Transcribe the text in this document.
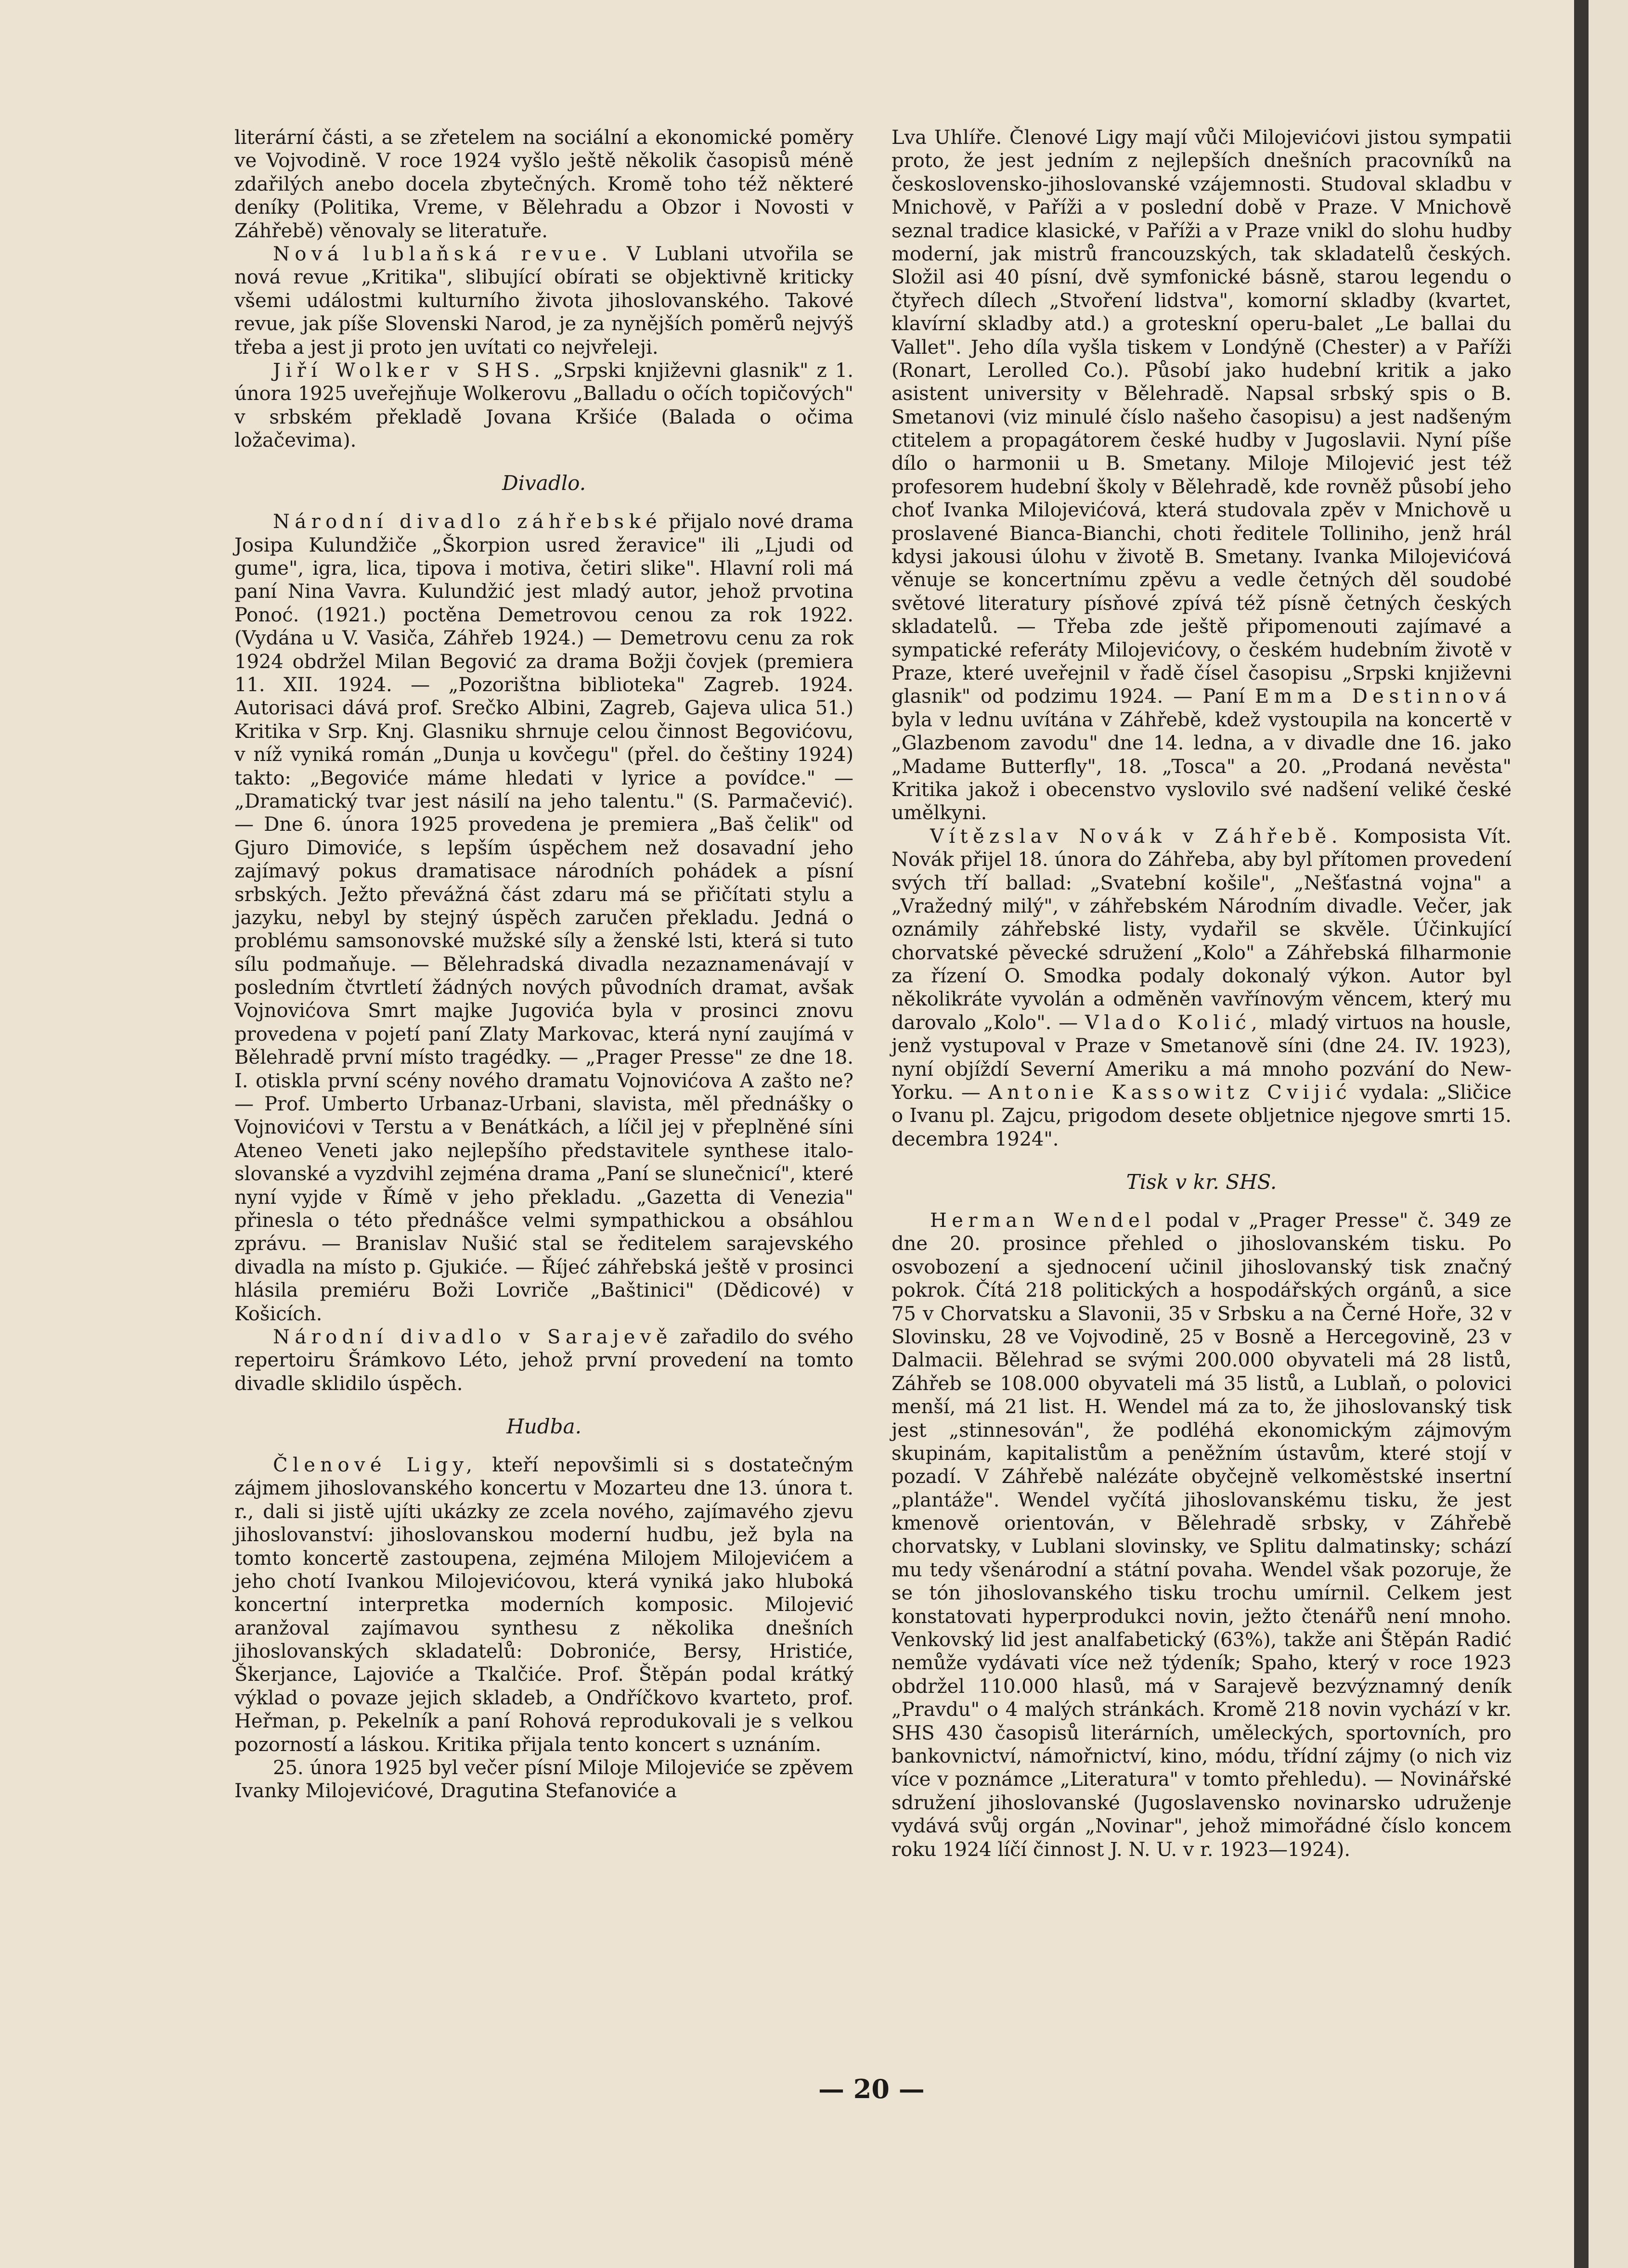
literární části, a se zřetelem na sociální a ekonomické poměry ve Vojvodině. V roce 1924 vyšlo ještě několik časopisů méně zdařilých anebo docela zbytečných. Kromě toho též některé deníky (Politika, Vreme, v Bělehradu a Obzor i Novosti v Záhřebě) věnovaly se literatuře.

Nová lublaňská revue. V Lublani utvořila se nová revue „Kritika", slibující obírati se objektivně kriticky všemi událostmi kulturního života jihoslovanského. Takové revue, jak píše Slovenski Narod, je za nynějších poměrů nejvýš třeba a jest ji proto jen uvítati co nejvřeleji.

Jiří Wolker v SHS. „Srpski književni glasnik" z 1. února 1925 uveřejňuje Wolkerovu „Balladu o očích topičových" v srbském překladě Jovana Kršiće (Balada o očima ložačevima).

Divadlo.

Národní divadlo záhřebské přijalo nové drama Josipa Kulundžiče „Škorpion usred žeravice" ili „Ljudi od gume", igra, lica, tipova i motiva, četiri slike". Hlavní roli má paní Nina Vavra. Kulundžić jest mladý autor, jehož prvotina Ponoć. (1921.) poctěna Demetrovou cenou za rok 1922. (Vydána u V. Vasiča, Záhřeb 1924.) — Demetrovu cenu za rok 1924 obdržel Milan Begović za drama Božji čovjek (premiera 11. XII. 1924. — „Pozorištna biblioteka" Zagreb. 1924. Autorisaci dává prof. Srečko Albini, Zagreb, Gajeva ulica 51.) Kritika v Srp. Knj. Glasniku shrnuje celou činnost Begovićovu, v níž vyniká román „Dunja u kovčegu" (přel. do češtiny 1924) takto: „Begoviće máme hledati v lyrice a povídce." — „Dramatický tvar jest násilí na jeho talentu." (S. Parmačević). — Dne 6. února 1925 provedena je premiera „Baš čelik" od Gjuro Dimoviće, s lepším úspěchem než dosavadní jeho zajímavý pokus dramatisace národních pohádek a písní srbských. Ježto převážná část zdaru má se přičítati stylu a jazyku, nebyl by stejný úspěch zaručen překladu. Jedná o problému samsonovské mužské síly a ženské lsti, která si tuto sílu podmaňuje. — Bělehradská divadla nezaznamenávají v posledním čtvrtletí žádných nových původních dramat, avšak Vojnovićova Smrt majke Jugovića byla v prosinci znovu provedena v pojetí paní Zlaty Markovac, která nyní zaujímá v Bělehradě první místo tragédky. — „Prager Presse" ze dne 18. I. otiskla první scény nového dramatu Vojnovićova A zašto ne? — Prof. Umberto Urbanaz-Urbani, slavista, měl přednášky o Vojnovićovi v Terstu a v Benátkách, a líčil jej v přeplněné síni Ateneo Veneti jako nejlepšího představitele synthese italo-slovanské a vyzdvihl zejména drama „Paní se slunečnicí", které nyní vyjde v Římě v jeho překladu. „Gazetta di Venezia" přinesla o této přednášce velmi sympathickou a obsáhlou zprávu. — Branislav Nušić stal se ředitelem sarajevského divadla na místo p. Gjukiće. — Říjeć záhřebská ještě v prosinci hlásila premiéru Boži Lovriče „Baštinici" (Dědicové) v Košicích.

Národní divadlo v Sarajevě zařadilo do svého repertoiru Šrámkovo Léto, jehož první provedení na tomto divadle sklidilo úspěch.

Hudba.

Členové Ligy, kteří nepovšimli si s dostatečným zájmem jihoslovanského koncertu v Mozarteu dne 13. února t. r., dali si jistě ujíti ukázky ze zcela nového, zajímavého zjevu jihoslovanství: jihoslovanskou moderní hudbu, jež byla na tomto koncertě zastoupena, zejména Milojem Milojevićem a jeho chotí Ivankou Milojevićovou, která vyniká jako hluboká koncertní interpretka moderních komposic. Milojević aranžoval zajímavou synthesu z několika dnešních jihoslovanských skladatelů: Dobroniće, Bersy, Hristiće, Škerjance, Lajoviće a Tkalčiće. Prof. Štěpán podal krátký výklad o povaze jejich skladeb, a Ondříčkovo kvarteto, prof. Heřman, p. Pekelník a paní Rohová reprodukovali je s velkou pozorností a láskou. Kritika přijala tento koncert s uznáním.

25. února 1925 byl večer písní Miloje Milojeviće se zpěvem Ivanky Milojevićové, Dragutina Stefanoviće a

Lva Uhlíře. Členové Ligy mají vůči Milojevićovi jistou sympatii proto, že jest jedním z nejlepších dnešních pracovníků na československo-jihoslovanské vzájemnosti. Studoval skladbu v Mnichově, v Paříži a v poslední době v Praze. V Mnichově seznal tradice klasické, v Paříži a v Praze vnikl do slohu hudby moderní, jak mistrů francouzských, tak skladatelů českých. Složil asi 40 písní, dvě symfonické básně, starou legendu o čtyřech dílech „Stvoření lidstva", komorní skladby (kvartet, klavírní skladby atd.) a groteskní operu-balet „Le ballai du Vallet". Jeho díla vyšla tiskem v Londýně (Chester) a v Paříži (Ronart, Lerolled Co.). Působí jako hudební kritik a jako asistent university v Bělehradě. Napsal srbský spis o B. Smetanovi (viz minulé číslo našeho časopisu) a jest nadšeným ctitelem a propagátorem české hudby v Jugoslavii. Nyní píše dílo o harmonii u B. Smetany. Miloje Milojević jest též profesorem hudební školy v Bělehradě, kde rovněž působí jeho choť Ivanka Milojevićová, která studovala zpěv v Mnichově u proslavené Bianca-Bianchi, choti ředitele Tolliniho, jenž hrál kdysi jakousi úlohu v životě B. Smetany. Ivanka Milojevićová věnuje se koncertnímu zpěvu a vedle četných děl soudobé světové literatury písňové zpívá též písně četných českých skladatelů. — Třeba zde ještě připomenouti zajímavé a sympatické referáty Milojevićovy, o českém hudebním životě v Praze, které uveřejnil v řadě čísel časopisu „Srpski književni glasnik" od podzimu 1924. — Paní Emma Destinnová byla v lednu uvítána v Záhřebě, kdež vystoupila na koncertě v „Glazbenom zavodu" dne 14. ledna, a v divadle dne 16. jako „Madame Butterfly", 18. „Tosca" a 20. „Prodaná nevěsta" Kritika jakož i obecenstvo vyslovilo své nadšení veliké české umělkyni.

Vítězslav Novák v Záhřebě. Komposista Vít. Novák přijel 18. února do Záhřeba, aby byl přítomen provedení svých tří ballad: „Svatební košile", „Nešťastná vojna" a „Vražedný milý", v záhřebském Národním divadle. Večer, jak oznámily záhřebské listy, vydařil se skvěle. Účinkující chorvatské pěvecké sdružení „Kolo" a Záhřebská filharmonie za řízení O. Smodka podaly dokonalý výkon. Autor byl několikráte vyvolán a odměněn vavřínovým věncem, který mu darovalo „Kolo". — Vlado Kolić, mladý virtuos na housle, jenž vystupoval v Praze v Smetanově síni (dne 24. IV. 1923), nyní objíždí Severní Ameriku a má mnoho pozvání do New-Yorku. — Antonie Kassowitz Cvijić vydala: „Sličice o Ivanu pl. Zajcu, prigodom desete obljetnice njegove smrti 15. decembra 1924".

Tisk v kr. SHS.

Herman Wendel podal v „Prager Presse" č. 349 ze dne 20. prosince přehled o jihoslovanském tisku. Po osvobození a sjednocení učinil jihoslovanský tisk značný pokrok. Čítá 218 politických a hospodářských orgánů, a sice 75 v Chorvatsku a Slavonii, 35 v Srbsku a na Černé Hoře, 32 v Slovinsku, 28 ve Vojvodině, 25 v Bosně a Hercegovině, 23 v Dalmacii. Bělehrad se svými 200.000 obyvateli má 28 listů, Záhřeb se 108.000 obyvateli má 35 listů, a Lublaň, o polovici menší, má 21 list. H. Wendel má za to, že jihoslovanský tisk jest „stinnesován", že podléhá ekonomickým zájmovým skupinám, kapitalistům a peněžním ústavům, které stojí v pozadí. V Záhřebě nalézáte obyčejně velkoměstské insertní „plantáže". Wendel vyčítá jihoslovanskému tisku, že jest kmenově orientován, v Bělehradě srbsky, v Záhřebě chorvatsky, v Lublani slovinsky, ve Splitu dalmatinsky; schází mu tedy všenárodní a státní povaha. Wendel však pozoruje, že se tón jihoslovanského tisku trochu umírnil. Celkem jest konstatovati hyperprodukci novin, ježto čtenářů není mnoho. Venkovský lid jest analfabetický (63%), takže ani Štěpán Radić nemůže vydávati více než týdeník; Spaho, který v roce 1923 obdržel 110.000 hlasů, má v Sarajevě bezvýznamný deník „Pravdu" o 4 malých stránkách. Kromě 218 novin vychází v kr. SHS 430 časopisů literárních, uměleckých, sportovních, pro bankovnictví, námořnictví, kino, módu, třídní zájmy (o nich viz více v poznámce „Literatura" v tomto přehledu). — Novinářské sdružení jihoslovanské (Jugoslavensko novinarsko udruženje vydává svůj orgán „Novinar", jehož mimořádné číslo koncem roku 1924 líčí činnost J. N. U. v r. 1923—1924).

— 20 —
